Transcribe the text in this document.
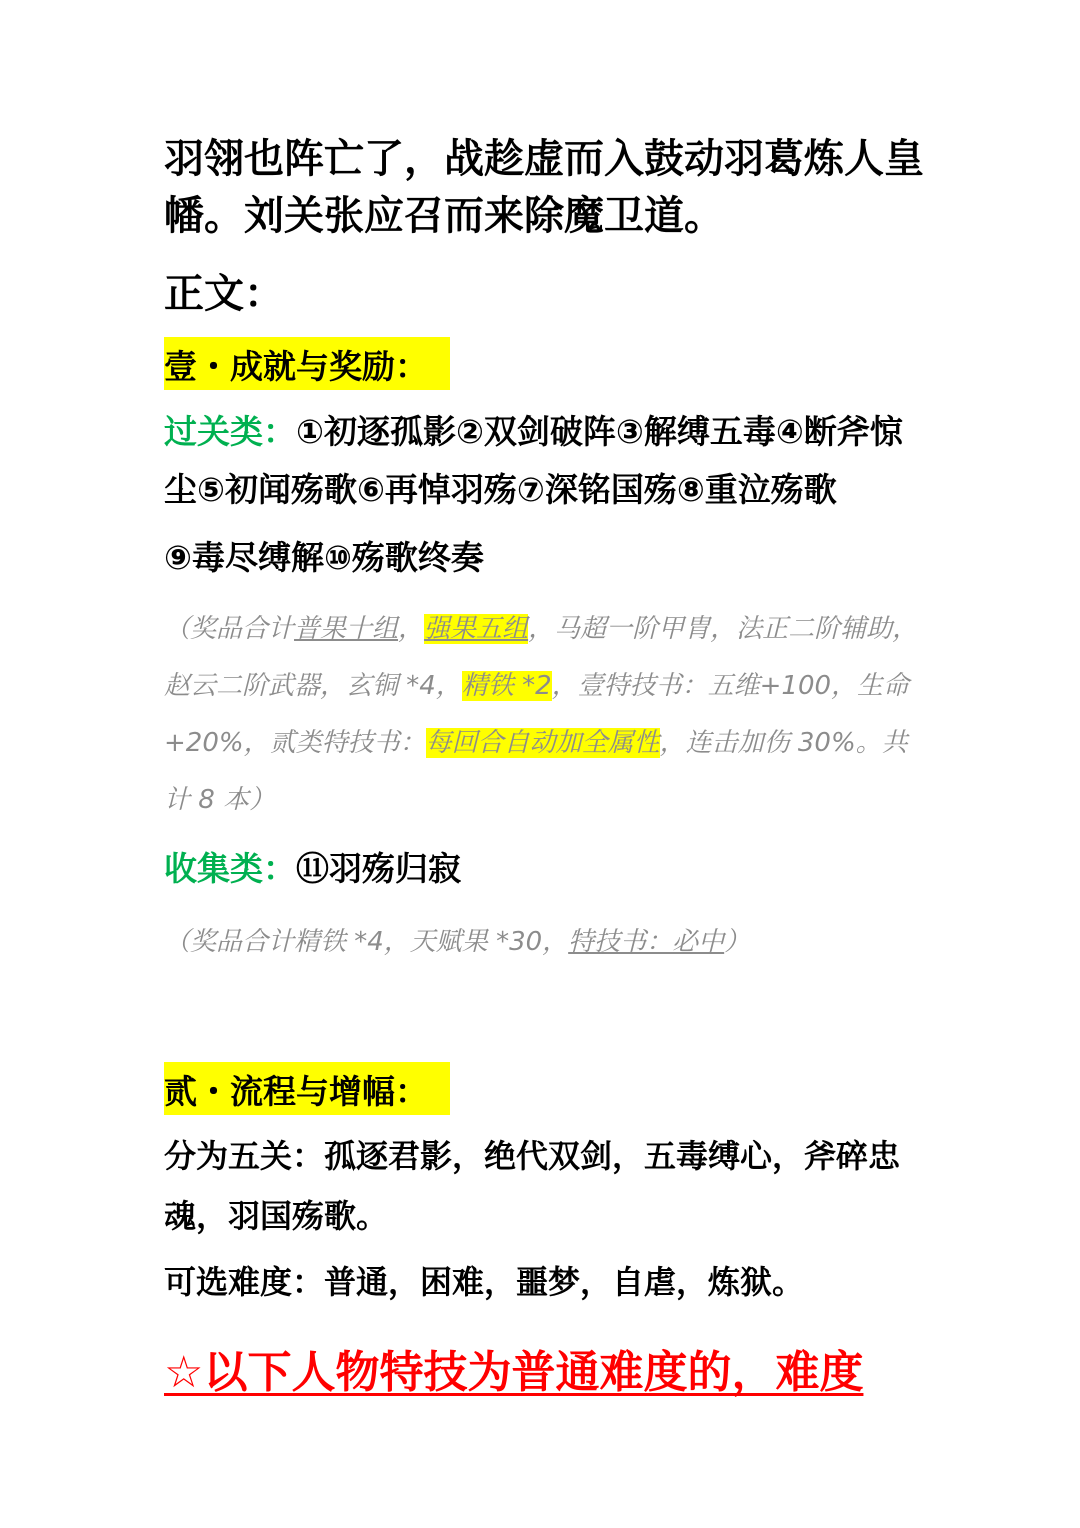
羽翎也阵亡了，战趁虚而入鼓动羽葛炼人皇
幡。刘关张应召而来除魔卫道。
正文：
壹・成就与奖励：
过关类：①初逐孤影②双剑破阵③解缚五毒④断斧惊
尘⑤初闻殇歌⑥再悼羽殇⑦深铭国殇⑧重泣殇歌
⑨毒尽缚解⑩殇歌终奏
（奖品合计普果十组，强果五组，马超一阶甲胄，法正二阶辅助，
赵云二阶武器，玄铜 *4，精铁 *2，壹特技书：五维+100，生命
+20%，贰类特技书：每回合自动加全属性，连击加伤 30%。共
计 8 本）
收集类：⑪羽殇归寂
（奖品合计精铁 *4，天赋果 *30，特技书：必中）
贰・流程与增幅：
分为五关：孤逐君影，绝代双剑，五毒缚心，斧碎忠
魂，羽国殇歌。
可选难度：普通，困难，噩梦，自虐，炼狱。
☆以下人物特技为普通难度的，难度
